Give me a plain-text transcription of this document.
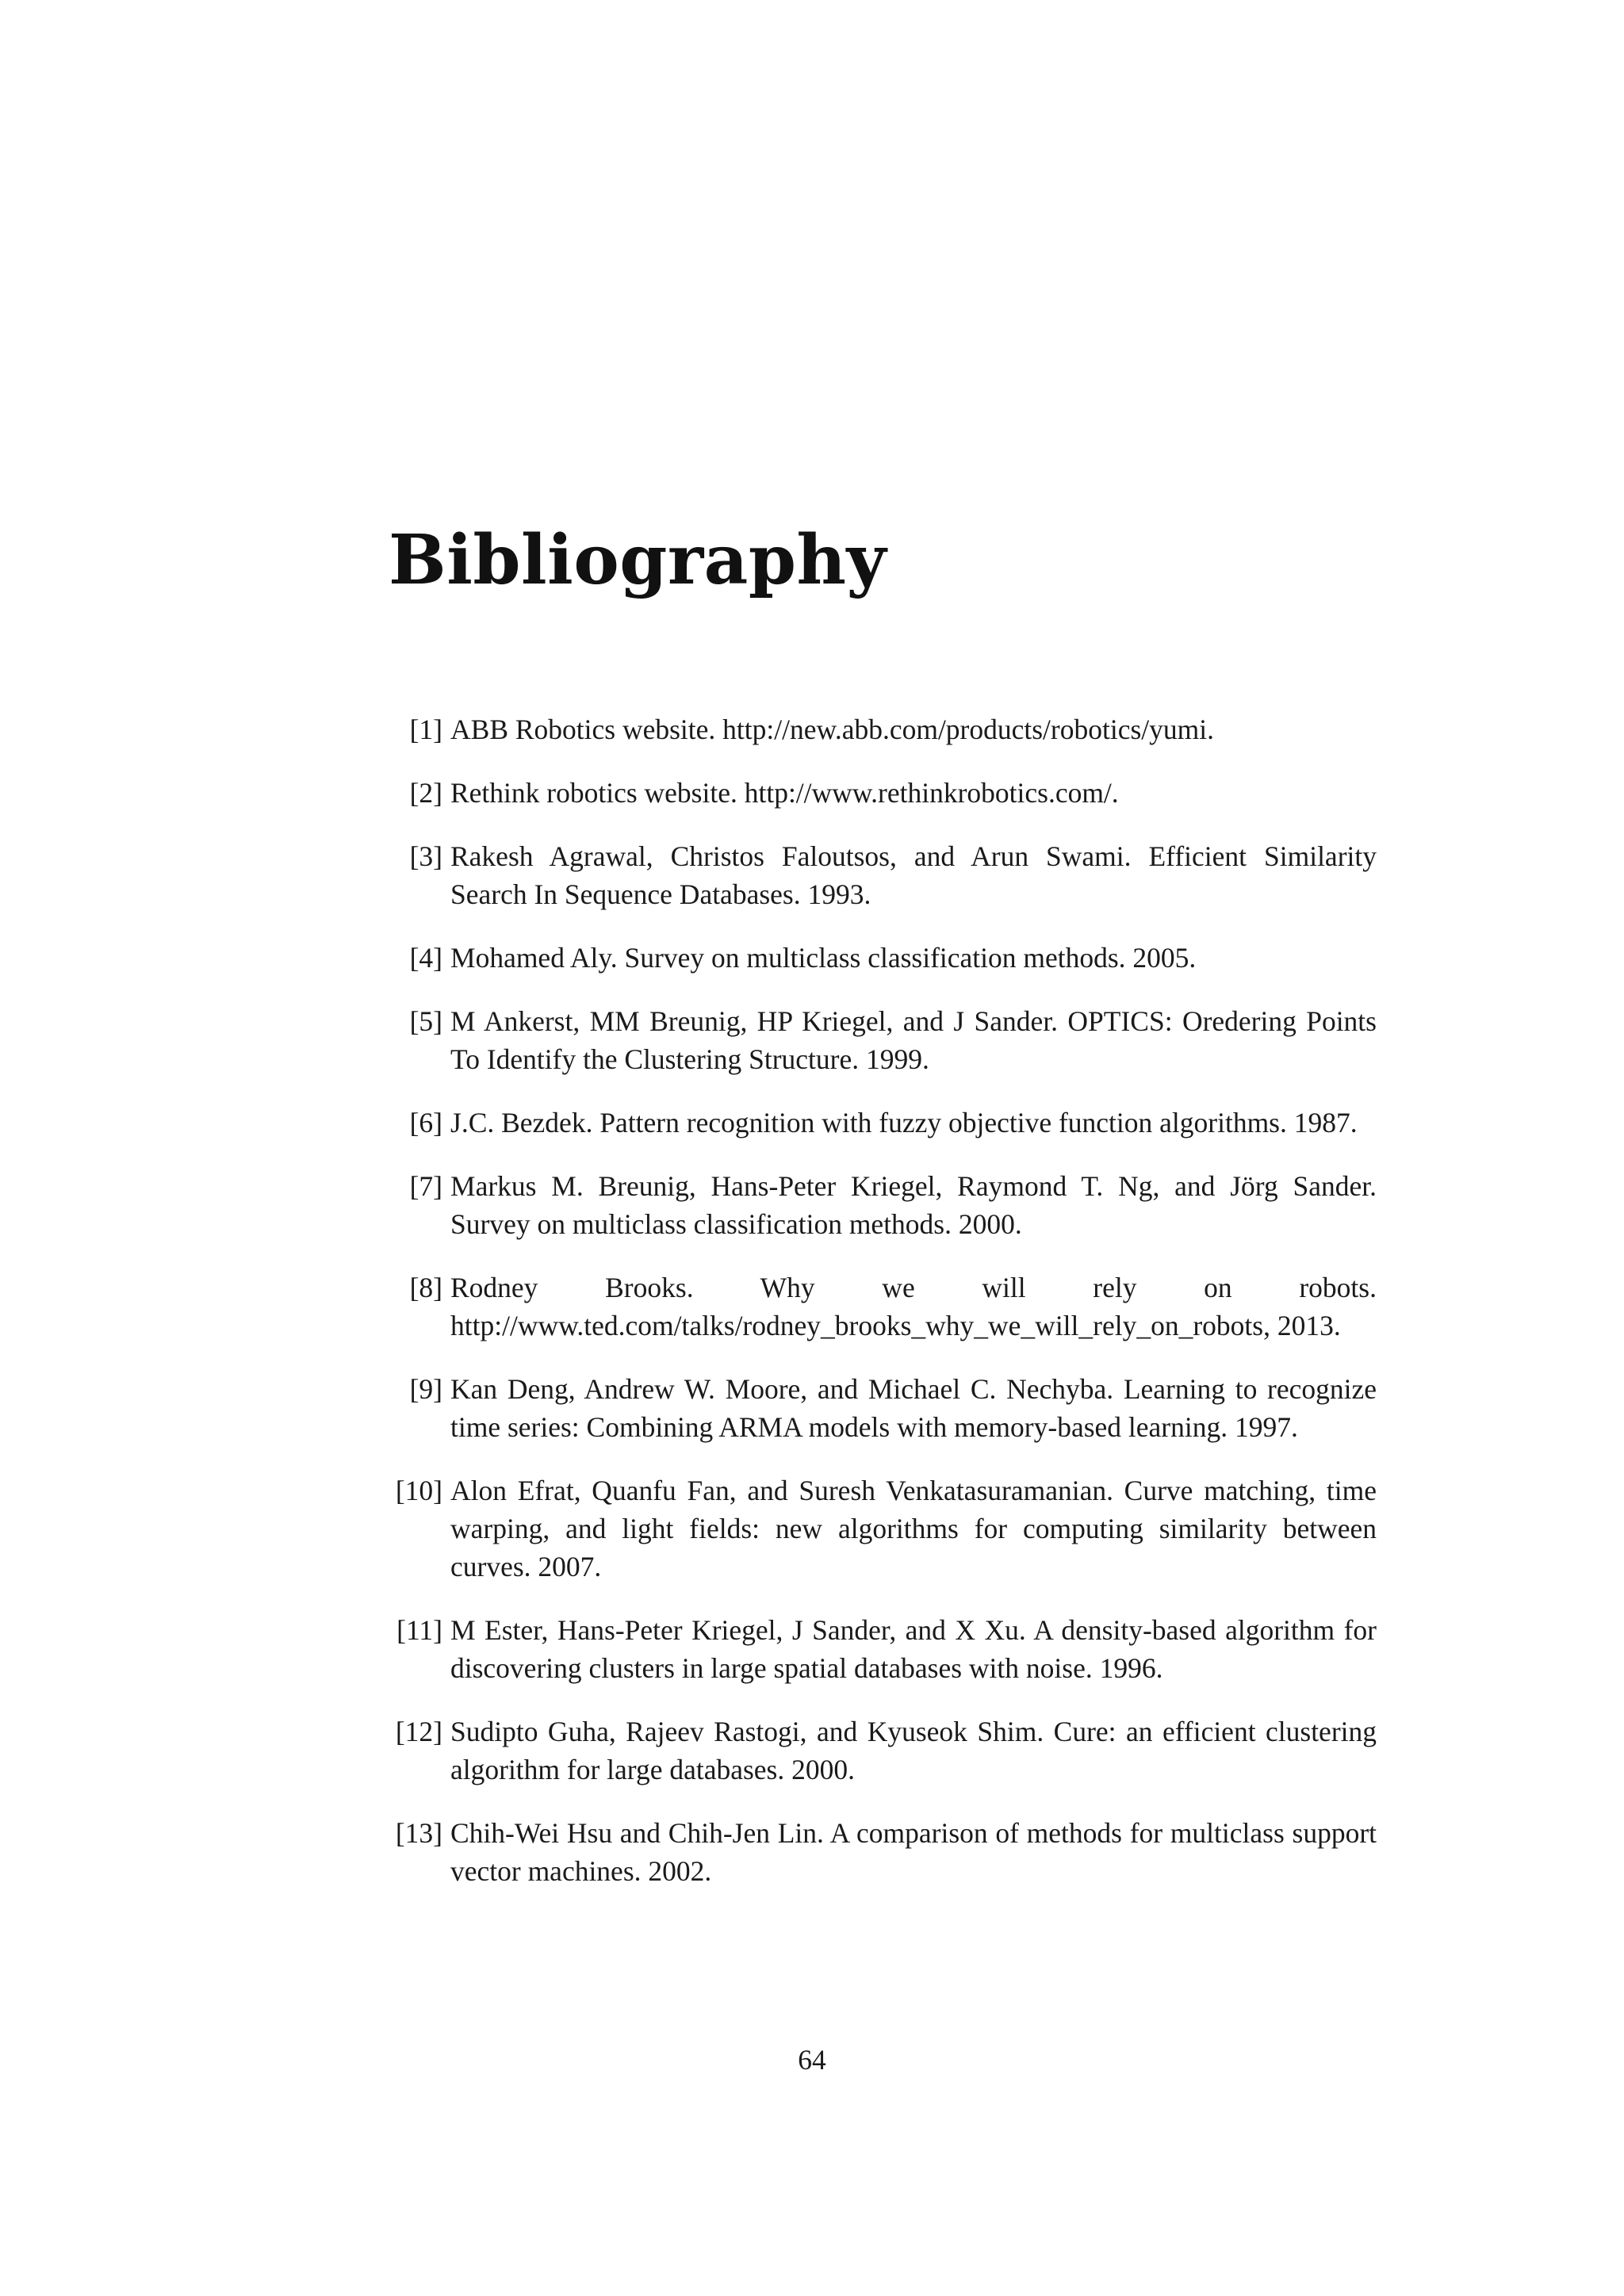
Bibliography
[1] ABB Robotics website. http://new.abb.com/products/robotics/yumi.
[2] Rethink robotics website. http://www.rethinkrobotics.com/.
[3] Rakesh Agrawal, Christos Faloutsos, and Arun Swami. Efficient Similarity Search In Sequence Databases. 1993.
[4] Mohamed Aly. Survey on multiclass classification methods. 2005.
[5] M Ankerst, MM Breunig, HP Kriegel, and J Sander. OPTICS: Oredering Points To Identify the Clustering Structure. 1999.
[6] J.C. Bezdek. Pattern recognition with fuzzy objective function algorithms. 1987.
[7] Markus M. Breunig, Hans-Peter Kriegel, Raymond T. Ng, and Jörg Sander. Survey on multiclass classification methods. 2000.
[8] Rodney Brooks. Why we will rely on robots. http://www.ted.com/talks/rodney_brooks_why_we_will_rely_on_robots, 2013.
[9] Kan Deng, Andrew W. Moore, and Michael C. Nechyba. Learning to recognize time series: Combining ARMA models with memory-based learning. 1997.
[10] Alon Efrat, Quanfu Fan, and Suresh Venkatasuramanian. Curve matching, time warping, and light fields: new algorithms for computing similarity between curves. 2007.
[11] M Ester, Hans-Peter Kriegel, J Sander, and X Xu. A density-based algorithm for discovering clusters in large spatial databases with noise. 1996.
[12] Sudipto Guha, Rajeev Rastogi, and Kyuseok Shim. Cure: an efficient clustering algorithm for large databases. 2000.
[13] Chih-Wei Hsu and Chih-Jen Lin. A comparison of methods for multiclass support vector machines. 2002.
64
